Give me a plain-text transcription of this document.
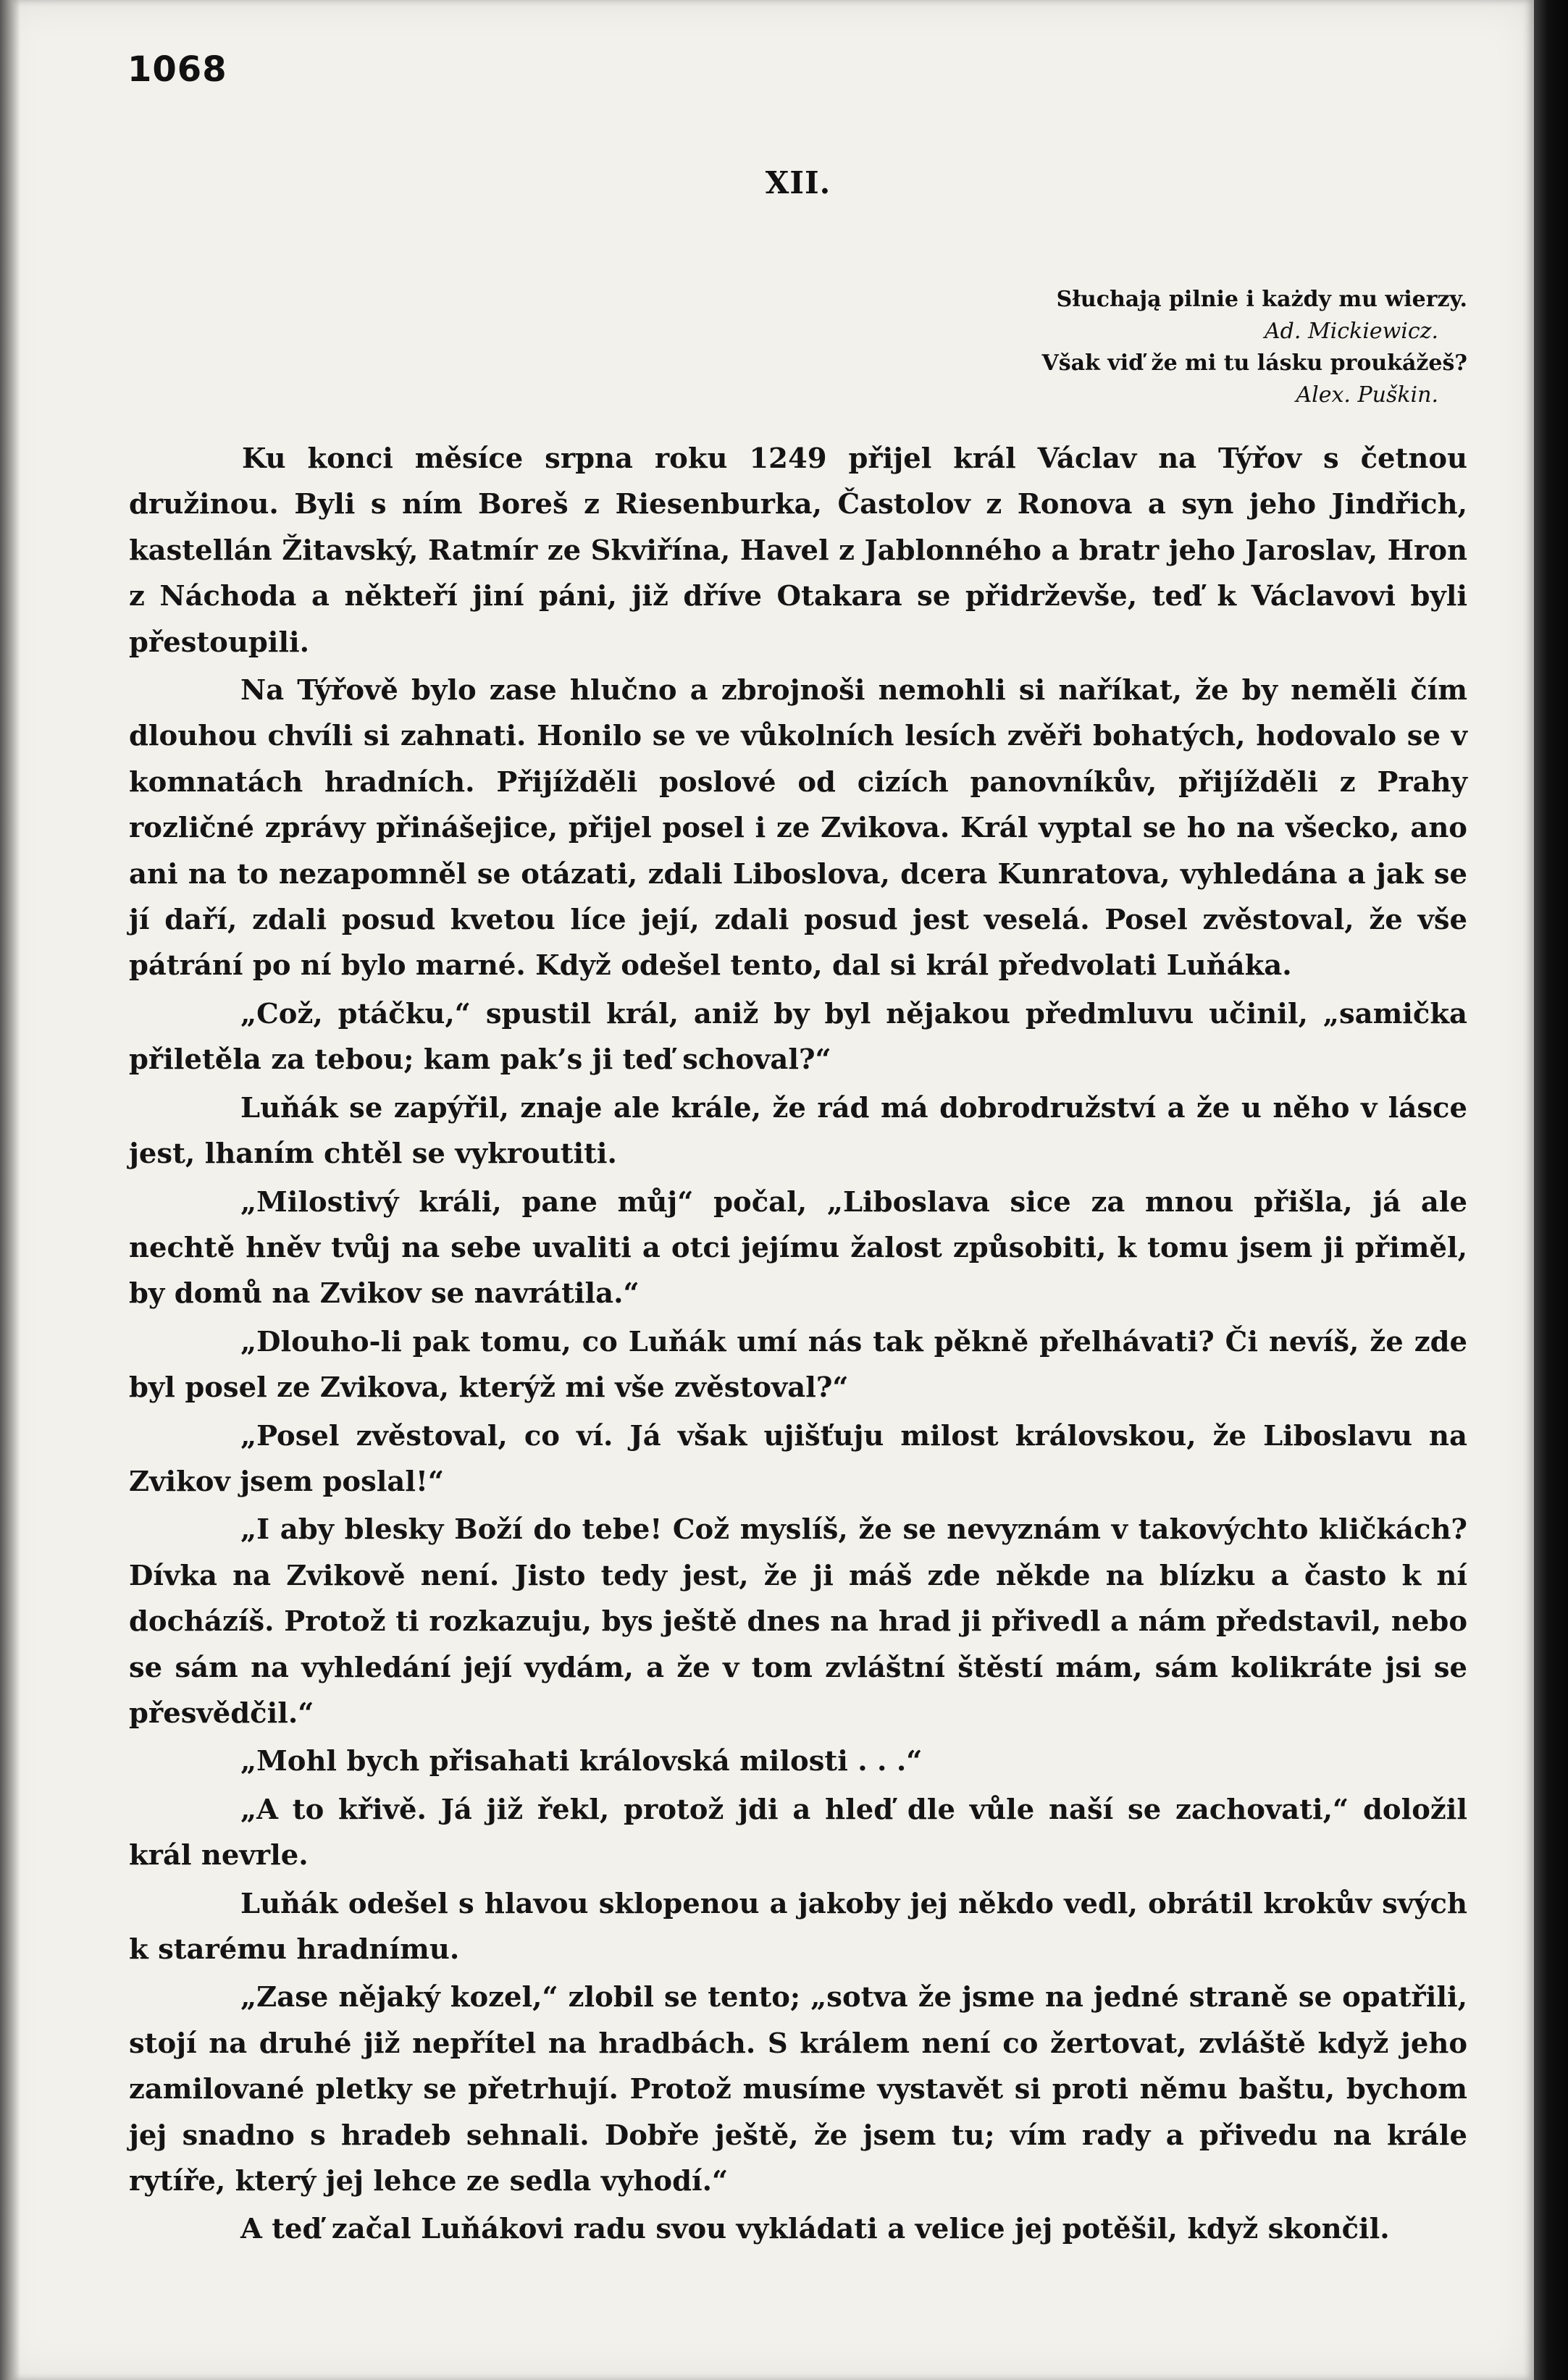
1068
XII.
Słuchają pilnie i każdy mu wierzy.
Ad. Mickiewicz.
Však viď že mi tu lásku proukážeš?
Alex. Puškin.

Ku konci měsíce srpna roku 1249 přijel král Václav na Týřov s četnou družinou. Byli s ním Boreš z Riesenburka, Častolov z Ronova a syn jeho Jindřich, kastellán Žitavský, Ratmír ze Skviřína, Havel z Jablonného a bratr jeho Jaroslav, Hron z Náchoda a někteří jiní páni, již dříve Otakara se přidrževše, teď k Václavovi byli přestoupili.

Na Týřově bylo zase hlučno a zbrojnoši nemohli si naříkat, že by neměli čím dlouhou chvíli si zahnati. Honilo se ve vůkolních lesích zvěři bohatých, hodovalo se v komnatách hradních. Přijížděli poslové od cizích panovníkův, přijížděli z Prahy rozličné zprávy přinášejice, přijel posel i ze Zvikova. Král vyptal se ho na všecko, ano ani na to nezapomněl se otázati, zdali Liboslova, dcera Kunratova, vyhledána a jak se jí daří, zdali posud kvetou líce její, zdali posud jest veselá. Posel zvěstoval, že vše pátrání po ní bylo marné. Když odešel tento, dal si král předvolati Luňáka.

„Což, ptáčku,“ spustil král, aniž by byl nějakou předmluvu učinil, „samička přiletěla za tebou; kam pak’s ji teď schoval?“

Luňák se zapýřil, znaje ale krále, že rád má dobrodružství a že u něho v lásce jest, lhaním chtěl se vykroutiti.

„Milostivý králi, pane můj“ počal, „Liboslava sice za mnou přišla, já ale nechtě hněv tvůj na sebe uvaliti a otci jejímu žalost způsobiti, k tomu jsem ji přiměl, by domů na Zvikov se navrátila.“

„Dlouho-li pak tomu, co Luňák umí nás tak pěkně přelhávati? Či nevíš, že zde byl posel ze Zvikova, kterýž mi vše zvěstoval?“

„Posel zvěstoval, co ví. Já však ujišťuju milost královskou, že Liboslavu na Zvikov jsem poslal!“

„I aby blesky Boží do tebe! Což myslíš, že se nevyznám v takovýchto kličkách? Dívka na Zvikově není. Jisto tedy jest, že ji máš zde někde na blízku a často k ní docházíš. Protož ti rozkazuju, bys ještě dnes na hrad ji přivedl a nám představil, nebo se sám na vyhledání její vydám, a že v tom zvláštní štěstí mám, sám kolikráte jsi se přesvědčil.“

„Mohl bych přisahati královská milosti . . .“

„A to křivě. Já již řekl, protož jdi a hleď dle vůle naší se zachovati,“ doložil král nevrle.

Luňák odešel s hlavou sklopenou a jakoby jej někdo vedl, obrátil krokův svých k starému hradnímu.

„Zase nějaký kozel,“ zlobil se tento; „sotva že jsme na jedné straně se opatřili, stojí na druhé již nepřítel na hradbách. S králem není co žertovat, zvláště když jeho zamilované pletky se přetrhují. Protož musíme vystavět si proti němu baštu, bychom jej snadno s hradeb sehnali. Dobře ještě, že jsem tu; vím rady a přivedu na krále rytíře, který jej lehce ze sedla vyhodí.“

A teď začal Luňákovi radu svou vykládati a velice jej potěšil, když skončil.
